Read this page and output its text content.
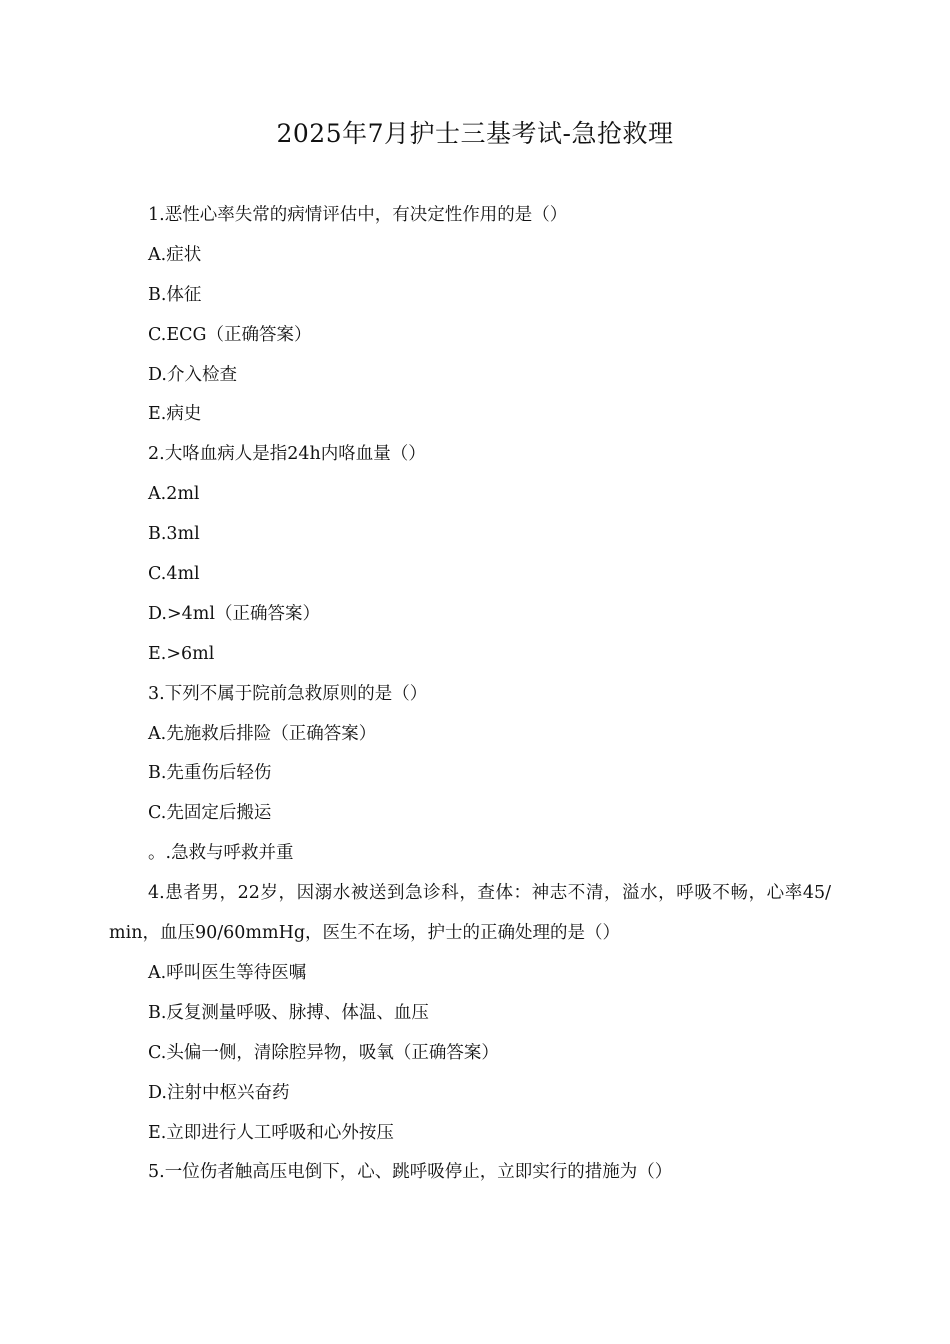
2025年7月护士三基考试-急抢救理
1.恶性心率失常的病情评估中，有决定性作用的是（）
A.症状
B.体征
C.ECG（正确答案）
D.介入检查
E.病史
2.大咯血病人是指24h内咯血量（）
A.2ml
B.3ml
C.4ml
D.>4ml（正确答案）
E.>6ml
3.下列不属于院前急救原则的是（）
A.先施救后排险（正确答案）
B.先重伤后轻伤
C.先固定后搬运
。.急救与呼救并重
4.患者男，22岁，因溺水被送到急诊科，查体：神志不清，溢水，呼吸不畅，心率45/ min，血压90/60mmHg，医生不在场，护士的正确处理的是（）
A.呼叫医生等待医嘱
B.反复测量呼吸、脉搏、体温、血压
C.头偏一侧，清除腔异物，吸氧（正确答案）
D.注射中枢兴奋药
E.立即进行人工呼吸和心外按压
5.一位伤者触高压电倒下，心、跳呼吸停止，立即实行的措施为（）
